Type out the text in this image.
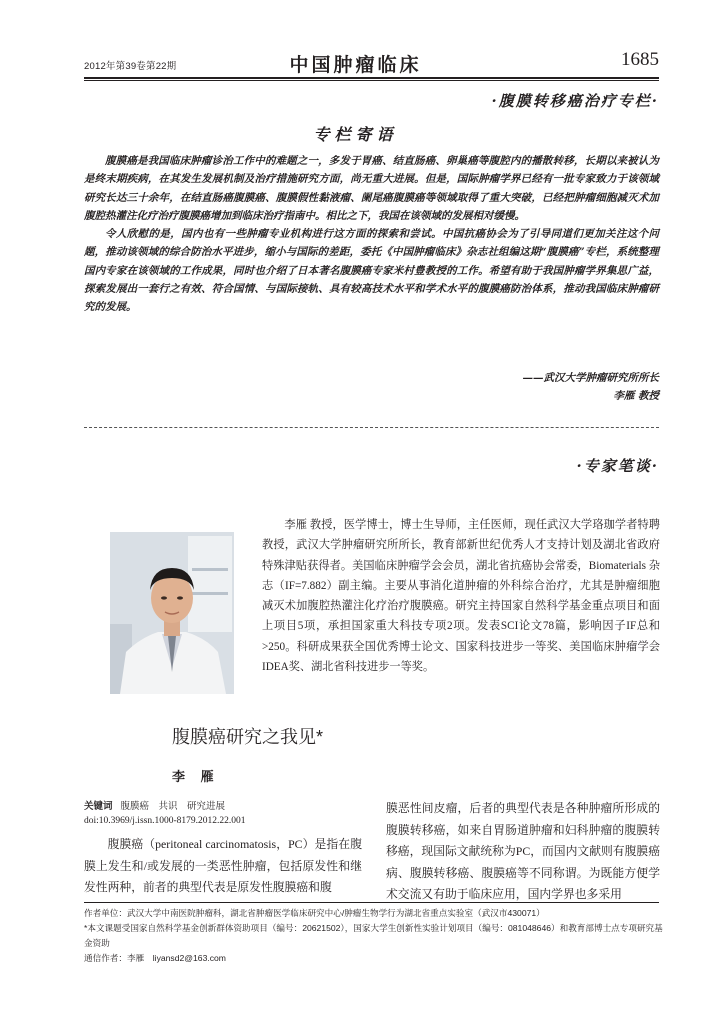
2012年第39卷第22期	中国肿瘤临床	1685
·腹膜转移癌治疗专栏·
专栏寄语

腹膜癌是我国临床肿瘤诊治工作中的难题之一，多发于胃癌、结直肠癌、卵巢癌等腹腔内的播散转移，长期以来被认为是终末期疾病，在其发生发展机制及治疗措施研究方面，尚无重大进展。但是，国际肿瘤学界已经有一批专家致力于该领域研究长达三十余年，在结直肠癌腹膜癌、腹膜假性黏液瘤、阑尾癌腹膜癌等领域取得了重大突破，已经把肿瘤细胞减灭术加腹腔热灌注化疗治疗腹膜癌增加到临床治疗指南中。相比之下，我国在该领域的发展相对缓慢。

令人欣慰的是，国内也有一些肿瘤专业机构进行这方面的探索和尝试。中国抗癌协会为了引导同道们更加关注这个问题，推动该领域的综合防治水平进步，缩小与国际的差距，委托《中国肿瘤临床》杂志社组编这期“腹膜癌”专栏，系统整理国内专家在该领域的工作成果，同时也介绍了日本著名腹膜癌专家米村豊教授的工作。希望有助于我国肿瘤学界集思广益，探索发展出一套行之有效、符合国情、与国际接轨、具有较高技术水平和学术水平的腹膜癌防治体系，推动我国临床肿瘤研究的发展。

——武汉大学肿瘤研究所所长
李雁 教授
·专家笔谈·

李雁 教授，医学博士，博士生导师，主任医师，现任武汉大学珞珈学者特聘教授，武汉大学肿瘤研究所所长，教育部新世纪优秀人才支持计划及湖北省政府特殊津贴获得者。美国临床肿瘤学会会员，湖北省抗癌协会常委，Biomaterials 杂志（IF=7.882）副主编。主要从事消化道肿瘤的外科综合治疗，尤其是肿瘤细胞减灭术加腹腔热灌注化疗治疗腹膜癌。研究主持国家自然科学基金重点项目和面上项目5项，承担国家重大科技专项2项。发表SCI论文78篇，影响因子IF总和>250。科研成果获全国优秀博士论文、国家科技进步一等奖、美国临床肿瘤学会IDEA奖、湖北省科技进步一等奖。

腹膜癌研究之我见*
李 雁
关键词 腹膜癌　共识　研究进展
doi:10.3969/j.issn.1000-8179.2012.22.001

腹膜癌（peritoneal carcinomatosis，PC）是指在腹膜上发生和/或发展的一类恶性肿瘤，包括原发性和继发性两种，前者的典型代表是原发性腹膜癌和腹

膜恶性间皮瘤，后者的典型代表是各种肿瘤所形成的腹膜转移癌，如来自胃肠道肿瘤和妇科肿瘤的腹膜转移癌，现国际文献统称为PC，而国内文献则有腹膜癌病、腹膜转移癌、腹膜癌等不同称谓。为既能方便学术交流又有助于临床应用，国内学界也多采用

作者单位：武汉大学中南医院肿瘤科，湖北省肿瘤医学临床研究中心/肿瘤生物学行为湖北省重点实验室（武汉市430071）
*本文课题受国家自然科学基金创新群体资助项目（编号：20621502），国家大学生创新性实验计划项目（编号：081048646）和教育部博士点专项研究基金资助
通信作者：李雁　liyansd2@163.com
